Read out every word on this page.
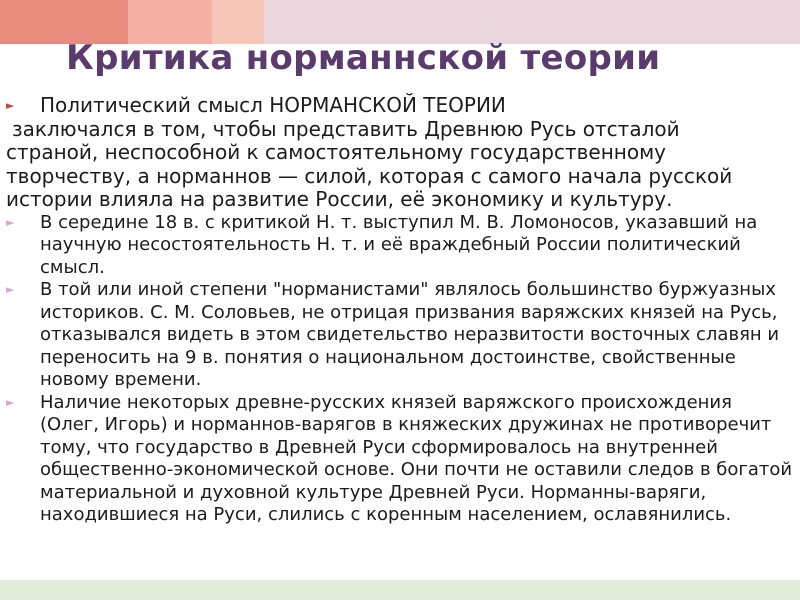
Критика норманнской теории
► Политический смысл НОРМАНСКОЙ ТЕОРИИ
заключался в том, чтобы представить Древнюю Русь отсталой
страной, неспособной к самостоятельному государственному творчеству, а норманнов — силой, которая с самого начала русской истории влияла на развитие России, её экономику и культуру.
► В середине 18 в. с критикой Н. т. выступил М. В. Ломоносов, указавший на научную несостоятельность Н. т. и её враждебный России политический смысл.
► В той или иной степени "норманистами" являлось большинство буржуазных историков. С. М. Соловьев, не отрицая призвания варяжских князей на Русь, отказывался видеть в этом свидетельство неразвитости восточных славян и переносить на 9 в. понятия о национальном достоинстве, свойственные новому времени.
► Наличие некоторых древне-русских князей варяжского происхождения (Олег, Игорь) и норманнов-варягов в княжеских дружинах не противоречит тому, что государство в Древней Руси сформировалось на внутренней общественно-экономической основе. Они почти не оставили следов в богатой материальной и духовной культуре Древней Руси. Норманны-варяги, находившиеся на Руси, слились с коренным населением, ославянились.
